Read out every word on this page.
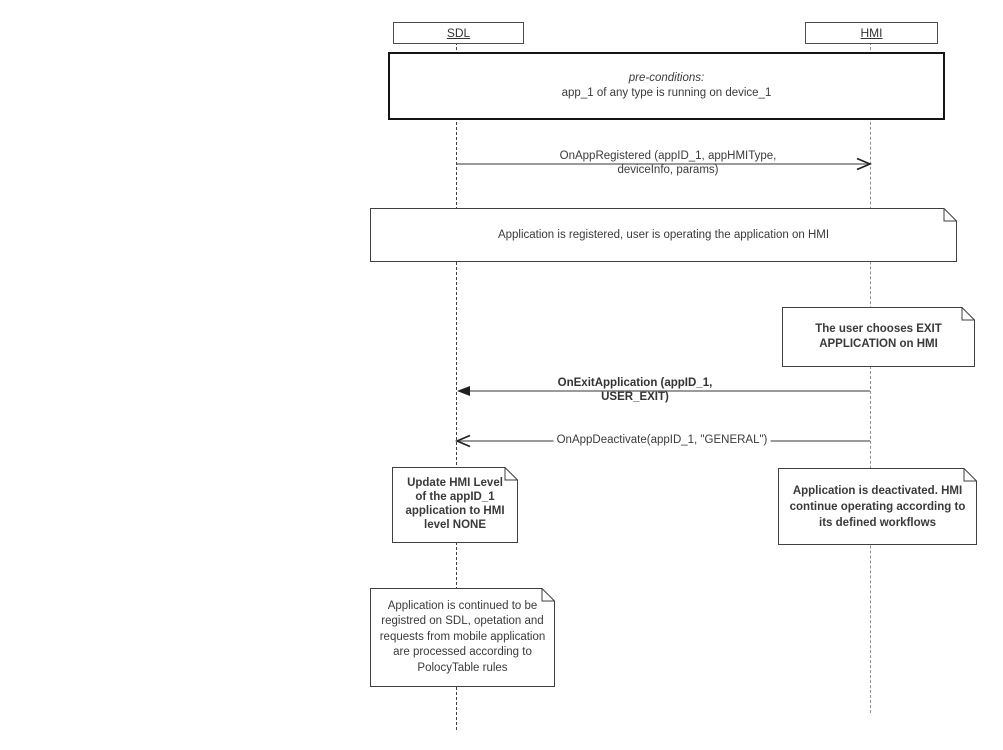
SDL	HMI
pre-conditions:
app_1 of any type is running on device_1
OnAppRegistered (appID_1, appHMIType,
deviceInfo, params)
Application is registered, user is operating the application on HMI
The user chooses EXIT APPLICATION on HMI
OnExitApplication (appID_1,
USER_EXIT)
OnAppDeactivate(appID_1, "GENERAL")
Update HMI Level of the appID_1 application to HMI level NONE
Application is deactivated. HMI continue operating according to its defined workflows
Application is continued to be registred on SDL, opetation and requests from mobile application are processed according to PolocyTable rules
